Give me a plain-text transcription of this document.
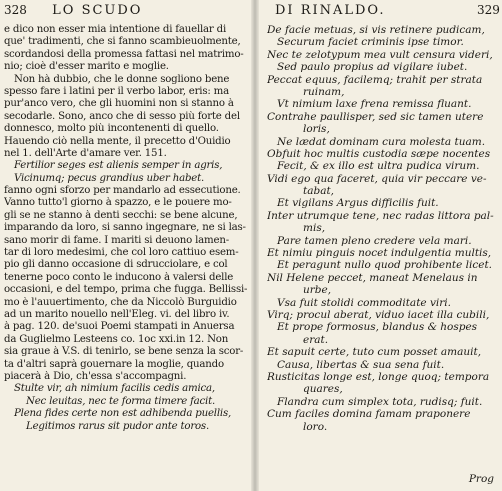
328 LO SCUDO
e dico non esser mia intentione di fauellar di
que' tradimenti, che si fanno scambieuolmente,
scordandosi della promessa fattasi nel matrimo-
nio; cioè d'esser marito e moglie.
Non hà dubbio, che le donne sogliono bene
spesso fare i latini per il verbo labor, eris: ma
pur'anco vero, che gli huomini non si stanno à
secodarle. Sono, anco che di sesso più forte del
donnesco, molto più incontenenti di quello.
Hauendo ciò nella mente, il precetto d'Ouidio
nel 1. dell'Arte d'amare ver. 151.
Fertilior seges est alienis semper in agris,
Vicinumq; pecus grandius uber habet.
fanno ogni sforzo per mandarlo ad essecutione.
Vanno tutto'l giorno à spazzo, e le pouere mo-
gli se ne stanno à denti secchi: se bene alcune,
imparando da loro, si sanno ingegnare, ne si las-
sano morir di fame. I mariti si deuono lamen-
tar di loro medesimi, che col loro cattiuo esem-
pio gli danno occasione di sdrucciolare, e col
tenerne poco conto le inducono à valersi delle
occasioni, e del tempo, prima che fugga. Bellissi-
mo è l'auuertimento, che da Niccolò Burguidio
ad un marito nouello nell'Eleg. vi. del libro iv.
à pag. 120. de'suoi Poemi stampati in Anuersa
da Guglielmo Lesteens co. 1oc xxi.in 12. Non
sia graue à V.S. di tenirlo, se bene senza la scor-
ta d'altri saprà gouernare la moglie, quando
piacerà à Dio, ch'essa s'accompagni.
Stulte vir, ah nimium facilis cedis amica,
Nec leuitas, nec te forma timere facit.
Plena fides certe non est adhibenda puellis,
Legitimos rarus sit pudor ante toros.
DI RINALDO.	329
De facie metuas, si vis retinere pudicam,
Securum faciet criminis ipse timor.
Nec te zelotypum mea vult censura videri,
Sed paulo propius ad vigilare iubet.
Peccat equus, facilemq; trahit per strata
ruinam,
Vt nimium laxe frena remissa fluant.
Contrahe paullisper, sed sic tamen utere
loris,
Ne lædat dominam cura molesta tuam.
Obfuit hoc multis custodia sæpe nocentes
Fecit, & ex illo est ultra pudica virum.
Vidi ego qua faceret, quia vir peccare ve-
tabat,
Et vigilans Argus difficilis fuit.
Inter utrumque tene, nec radas littora pal-
mis,
Pare tamen pleno credere vela mari.
Et nimiu pinguis nocet indulgentia multis,
Et peragunt nullo quod prohibente licet.
Nil Helene peccet, maneat Menelaus in
urbe,
Vsa fuit stolidi commoditate viri.
Virq; procul aberat, viduo iacet illa cubili,
Et prope formosus, blandus & hospes
erat.
Et sapuit certe, tuto cum posset amauit,
Causa, libertas & sua sena fuit.
Rusticitas longe est, longe quoq; tempora
quares,
Flandra cum simplex tota, rudisq; fuit.
Cum faciles domina famam praponere
loro.
Prog
